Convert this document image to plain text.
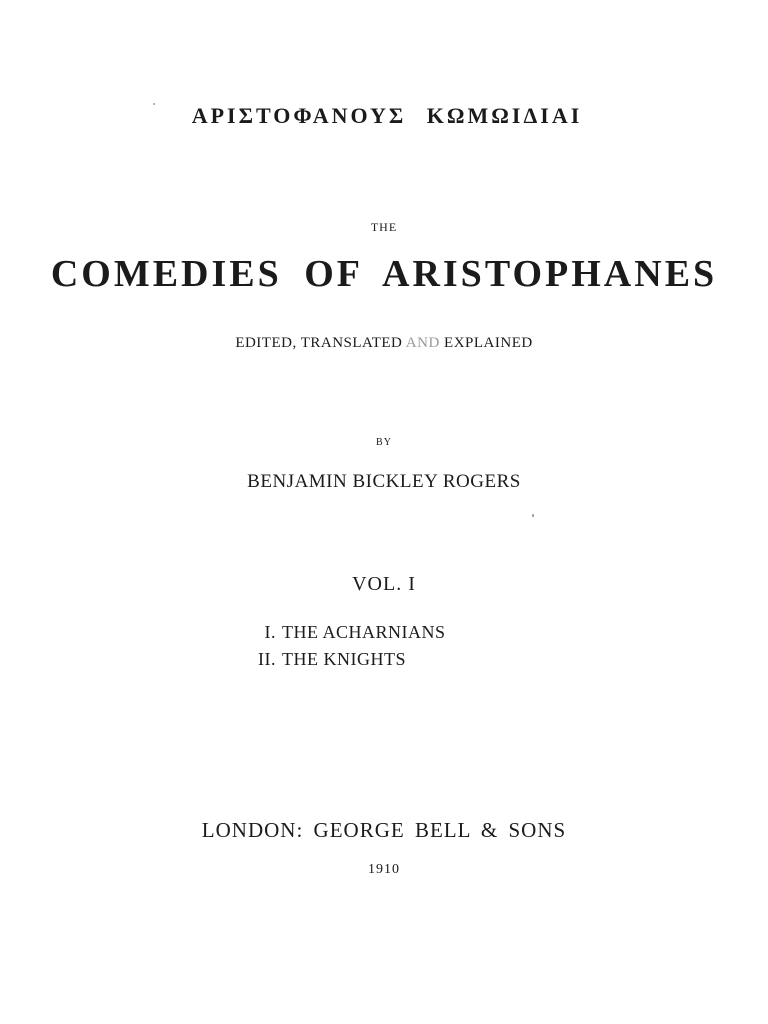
ΑΡΙΣΤΟΦΑΝΟΥΣ ΚΩΜΩΙΔΙΑΙ
THE
COMEDIES OF ARISTOPHANES
EDITED, TRANSLATED AND EXPLAINED
BY
BENJAMIN BICKLEY ROGERS
VOL. I
I. THE ACHARNIANS
II. THE KNIGHTS
LONDON: GEORGE BELL & SONS
1910
